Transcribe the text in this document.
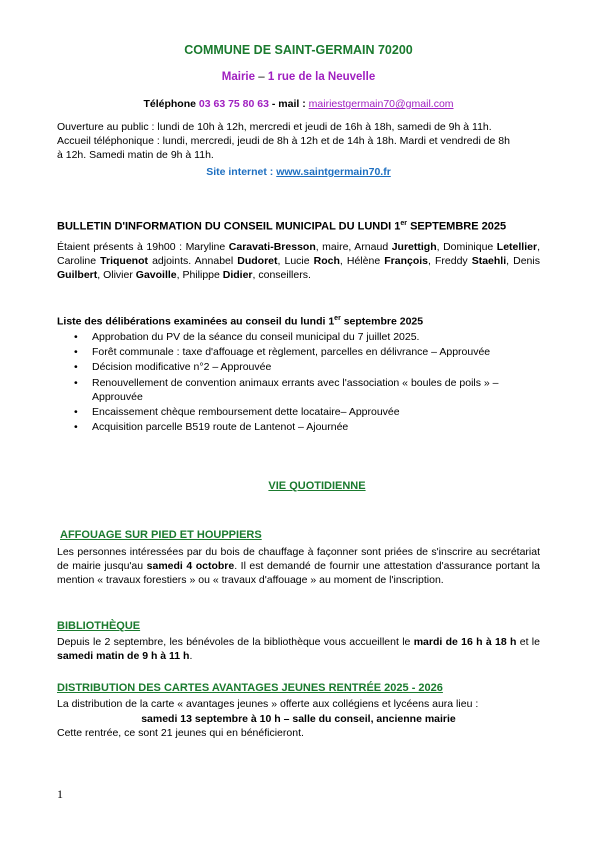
COMMUNE DE SAINT-GERMAIN 70200
Mairie – 1 rue de la Neuvelle
Téléphone 03 63 75 80 63 - mail : mairiestgermain70@gmail.com
Ouverture au public : lundi de 10h à 12h, mercredi et jeudi de 16h à 18h, samedi de 9h à 11h.
Accueil téléphonique : lundi, mercredi, jeudi de 8h à 12h et de 14h à 18h. Mardi et vendredi de 8h à 12h. Samedi matin de 9h à 11h.
Site internet : www.saintgermain70.fr
BULLETIN D'INFORMATION DU CONSEIL MUNICIPAL DU LUNDI 1er SEPTEMBRE 2025
Étaient présents à 19h00 : Maryline Caravati-Bresson, maire, Arnaud Jurettigh, Dominique Letellier, Caroline Triquenot adjoints. Annabel Dudoret, Lucie Roch, Hélène François, Freddy Staehli, Denis Guilbert, Olivier Gavoille, Philippe Didier, conseillers.
Liste des délibérations examinées au conseil du lundi 1er septembre 2025
• Approbation du PV de la séance du conseil municipal du 7 juillet 2025.
• Forêt communale : taxe d'affouage et règlement, parcelles en délivrance – Approuvée
• Décision modificative n°2 – Approuvée
• Renouvellement de convention animaux errants avec l'association « boules de poils » – Approuvée
• Encaissement chèque remboursement dette locataire– Approuvée
• Acquisition parcelle B519 route de Lantenot – Ajournée
VIE QUOTIDIENNE
AFFOUAGE SUR PIED ET HOUPPIERS
Les personnes intéressées par du bois de chauffage à façonner sont priées de s'inscrire au secrétariat de mairie jusqu'au samedi 4 octobre. Il est demandé de fournir une attestation d'assurance portant la mention « travaux forestiers » ou « travaux d'affouage » au moment de l'inscription.
BIBLIOTHÈQUE
Depuis le 2 septembre, les bénévoles de la bibliothèque vous accueillent le mardi de 16 h à 18 h et le samedi matin de 9 h à 11 h.
DISTRIBUTION DES CARTES AVANTAGES JEUNES RENTRÉE 2025 - 2026
La distribution de la carte « avantages jeunes » offerte aux collégiens et lycéens aura lieu :
samedi 13 septembre à 10 h – salle du conseil, ancienne mairie
Cette rentrée, ce sont 21 jeunes qui en bénéficieront.
1
